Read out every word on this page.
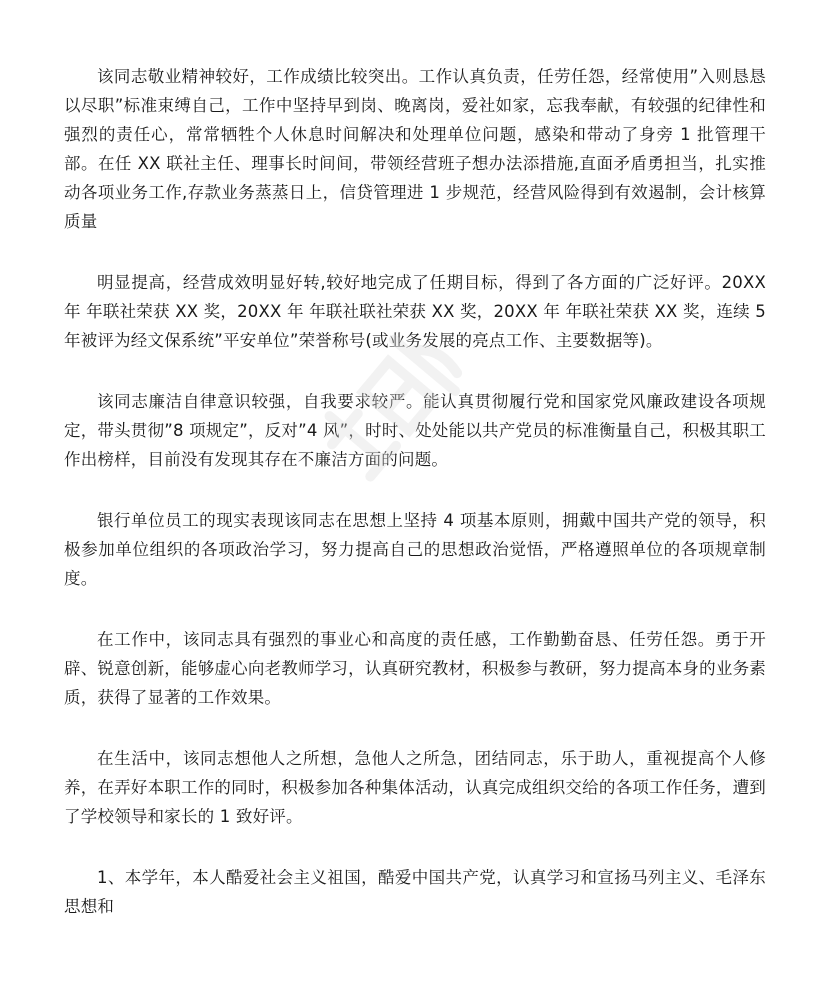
该同志敬业精神较好，工作成绩比较突出。工作认真负责，任劳任怨，经常使用”入则恳恳以尽职”标准束缚自己，工作中坚持早到岗、晚离岗，爱社如家，忘我奉献，有较强的纪律性和强烈的责任心，常常牺牲个人休息时间解决和处理单位问题，感染和带动了身旁 1 批管理干部。在任 XX 联社主任、理事长时间间，带领经营班子想办法添措施,直面矛盾勇担当，扎实推动各项业务工作,存款业务蒸蒸日上，信贷管理进 1 步规范，经营风险得到有效遏制，会计核算质量

明显提高，经营成效明显好转,较好地完成了任期目标，得到了各方面的广泛好评。20XX 年 年联社荣获 XX 奖，20XX 年 年联社联社荣获 XX 奖，20XX 年 年联社荣获 XX 奖，连续 5 年被评为经文保系统”平安单位”荣誉称号(或业务发展的亮点工作、主要数据等)。

该同志廉洁自律意识较强，自我要求较严。能认真贯彻履行党和国家党风廉政建设各项规定，带头贯彻”8 项规定”，反对”4 风”，时时、处处能以共产党员的标准衡量自己，积极其职工作出榜样，目前没有发现其存在不廉洁方面的问题。

银行单位员工的现实表现该同志在思想上坚持 4 项基本原则，拥戴中国共产党的领导，积极参加单位组织的各项政治学习，努力提高自己的思想政治觉悟，严格遵照单位的各项规章制度。

在工作中，该同志具有强烈的事业心和高度的责任感，工作勤勤奋恳、任劳任怨。勇于开辟、锐意创新，能够虚心向老教师学习，认真研究教材，积极参与教研，努力提高本身的业务素质，获得了显著的工作效果。

在生活中，该同志想他人之所想，急他人之所急，团结同志，乐于助人，重视提高个人修养，在弄好本职工作的同时，积极参加各种集体活动，认真完成组织交给的各项工作任务，遭到了学校领导和家长的 1 致好评。

1、本学年，本人酷爱社会主义祖国，酷爱中国共产党，认真学习和宣扬马列主义、毛泽东思想和
